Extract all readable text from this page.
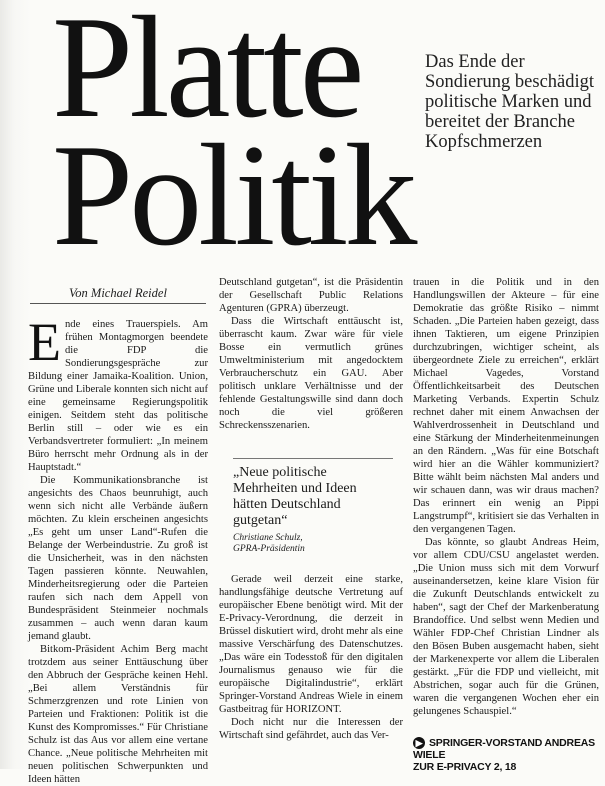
Platte
Politik
Das Ende der Sondierung beschädigt politische Marken und bereitet der Branche Kopfschmerzen
Von Michael Reidel
E nde eines Trauerspiels. Am frühen Montagmorgen beendete die FDP die Sondierungsgespräche zur Bildung einer Jamaika-Koalition. Union, Grüne und Liberale konnten sich nicht auf eine gemeinsame Regierungspolitik einigen. Seitdem steht das politische Berlin still – oder wie es ein Verbandsvertreter formuliert: „In meinem Büro herrscht mehr Ordnung als in der Hauptstadt.“

Die Kommunikationsbranche ist angesichts des Chaos beunruhigt, auch wenn sich nicht alle Verbände äußern möchten. Zu klein erscheinen angesichts „Es geht um unser Land“-Rufen die Belange der Werbeindustrie. Zu groß ist die Unsicherheit, was in den nächsten Tagen passieren könnte. Neuwahlen, Minderheitsregierung oder die Parteien raufen sich nach dem Appell von Bundespräsident Steinmeier nochmals zusammen – auch wenn daran kaum jemand glaubt.

Bitkom-Präsident Achim Berg macht trotzdem aus seiner Enttäuschung über den Abbruch der Gespräche keinen Hehl. „Bei allem Verständnis für Schmerzgrenzen und rote Linien von Parteien und Fraktionen: Politik ist die Kunst des Kompromisses.“ Für Christiane Schulz ist das Aus vor allem eine vertane Chance. „Neue politische Mehrheiten mit neuen politischen Schwerpunkten und Ideen hätten

Deutschland gutgetan“, ist die Präsidentin der Gesellschaft Public Relations Agenturen (GPRA) überzeugt.

Dass die Wirtschaft enttäuscht ist, überrascht kaum. Zwar wäre für viele Bosse ein vermutlich grünes Umweltministerium mit angedocktem Verbraucherschutz ein GAU. Aber politisch unklare Verhältnisse und der fehlende Gestaltungswille sind dann doch noch die viel größeren Schreckensszenarien.

„Neue politische Mehrheiten und Ideen hätten Deutschland gutgetan“

Christiane Schulz,

GPRA-Präsidentin

Gerade weil derzeit eine starke, handlungsfähige deutsche Vertretung auf europäischer Ebene benötigt wird. Mit der E-Privacy-Verordnung, die derzeit in Brüssel diskutiert wird, droht mehr als eine massive Verschärfung des Datenschutzes. „Das wäre ein Todesstoß für den digitalen Journalismus genauso wie für die europäische Digitalindustrie“, erklärt Springer-Vorstand Andreas Wiele in einem Gastbeitrag für HORIZONT.

Doch nicht nur die Interessen der Wirtschaft sind gefährdet, auch das Ver-

trauen in die Politik und in den Handlungswillen der Akteure – für eine Demokratie das größte Risiko – nimmt Schaden. „Die Parteien haben gezeigt, dass ihnen Taktieren, um eigene Prinzipien durchzubringen, wichtiger scheint, als übergeordnete Ziele zu erreichen“, erklärt Michael Vagedes, Vorstand Öffentlichkeitsarbeit des Deutschen Marketing Verbands. Expertin Schulz rechnet daher mit einem Anwachsen der Wahlverdrossenheit in Deutschland und eine Stärkung der Minderheitenmeinungen an den Rändern. „Was für eine Botschaft wird hier an die Wähler kommuniziert? Bitte wählt beim nächsten Mal anders und wir schauen dann, was wir draus machen? Das erinnert ein wenig an Pippi Langstrumpf“, kritisiert sie das Verhalten in den vergangenen Tagen.

Das könnte, so glaubt Andreas Heim, vor allem CDU/CSU angelastet werden. „Die Union muss sich mit dem Vorwurf auseinandersetzen, keine klare Vision für die Zukunft Deutschlands entwickelt zu haben“, sagt der Chef der Markenberatung Brandoffice. Und selbst wenn Medien und Wähler FDP-Chef Christian Lindner als den Bösen Buben ausgemacht haben, sieht der Markenexperte vor allem die Liberalen gestärkt. „Für die FDP und vielleicht, mit Abstrichen, sogar auch für die Grünen, waren die vergangenen Wochen eher ein gelungenes Schauspiel.“

▶ SPRINGER-VORSTAND ANDREAS WIELE
ZUR E-PRIVACY 2, 18
